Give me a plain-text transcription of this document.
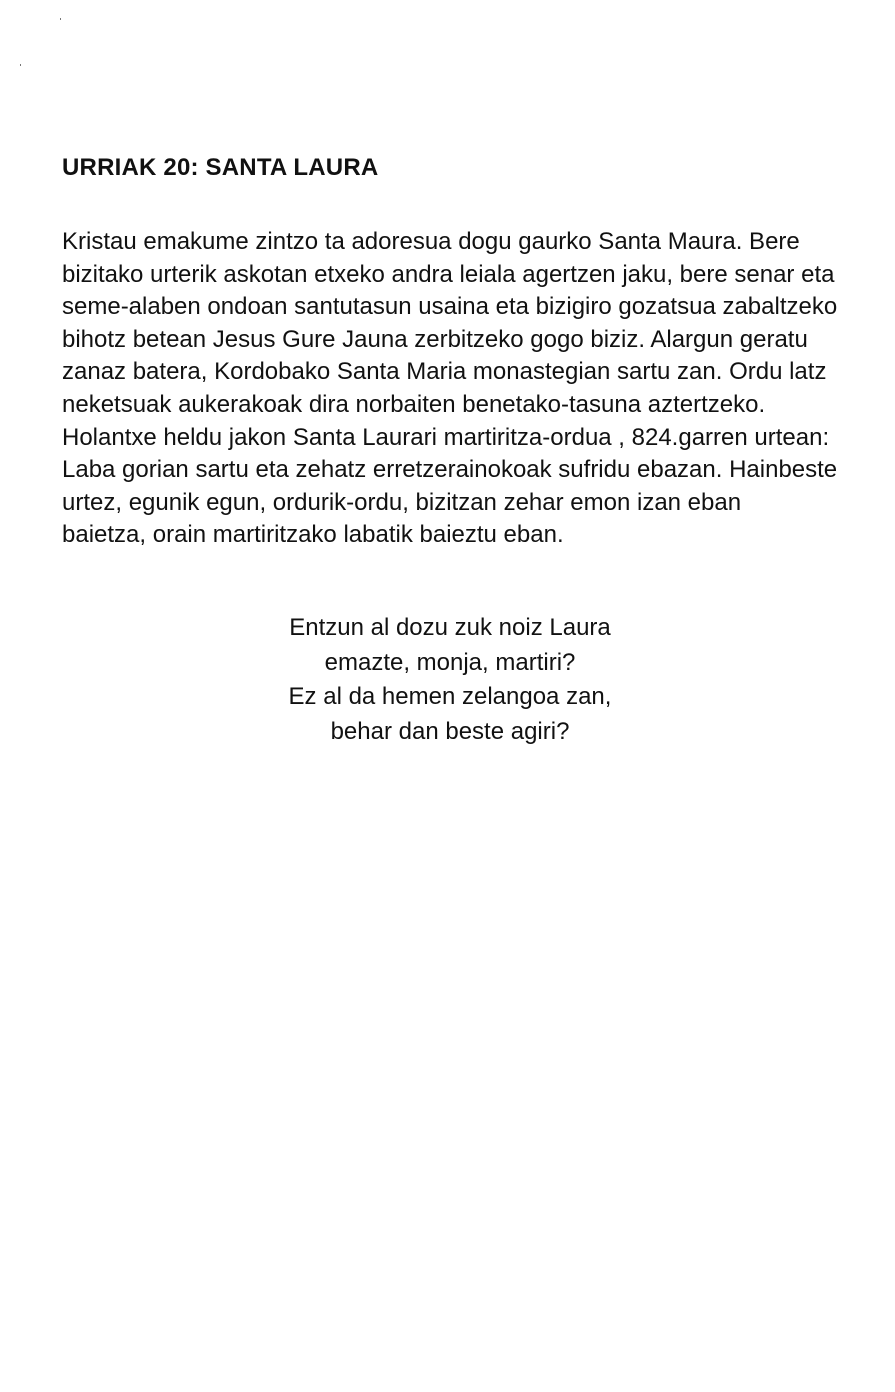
URRIAK 20: SANTA LAURA

Kristau emakume zintzo ta adoresua dogu gaurko Santa Maura. Bere
bizitako urterik askotan etxeko andra leiala agertzen jaku, bere senar eta
seme-alaben ondoan santutasun usaina eta bizigiro gozatsua zabaltzeko
bihotz betean Jesus Gure Jauna zerbitzeko gogo biziz. Alargun geratu
zanaz batera, Kordobako Santa Maria monastegian sartu zan. Ordu latz
neketsuak aukerakoak dira norbaiten benetako-tasuna aztertzeko.
Holantxe heldu jakon Santa Laurari martiritza-ordua , 824.garren urtean:
Laba gorian sartu eta zehatz erretzerainokoak sufridu ebazan. Hainbeste
urtez, egunik egun, ordurik-ordu, bizitzan zehar emon izan eban
baietza, orain martiritzako labatik baieztu eban.

Entzun al dozu zuk noiz Laura
emazte, monja, martiri?
Ez al da hemen zelangoa zan,
behar dan beste agiri?
